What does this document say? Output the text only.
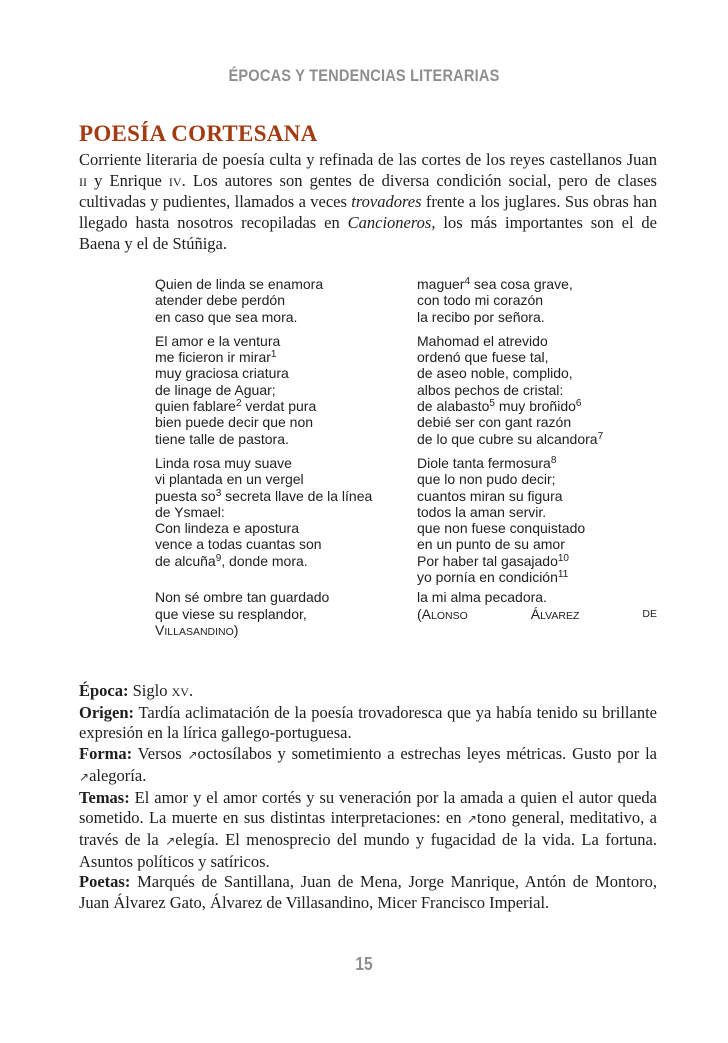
ÉPOCAS Y TENDENCIAS LITERARIAS
POESÍA CORTESANA
Corriente literaria de poesía culta y refinada de las cortes de los reyes castellanos Juan II y Enrique IV. Los autores son gentes de diversa condición social, pero de clases cultivadas y pudientes, llamados a veces trovadores frente a los juglares. Sus obras han llegado hasta nosotros recopiladas en Cancioneros, los más importantes son el de Baena y el de Stúñiga.
Quien de linda se enamora
atender debe perdón
en caso que sea mora.
maguer$^4$ sea cosa grave,
con todo mi corazón
la recibo por señora.
El amor e la ventura
me ficieron ir mirar$^1$
muy graciosa criatura
de linage de Aguar;
quien fablare$^2$ verdat pura
bien puede decir que non
tiene talle de pastora.
Mahomad el atrevido
ordenó que fuese tal,
de aseo noble, complido,
albos pechos de cristal:
de alabasto$^5$ muy broñido$^6$
debié ser con gant razón
de lo que cubre su alcandora$^7$
Linda rosa muy suave
vi plantada en un vergel
puesta $so^3$ secreta llave de la línea
de Ysmael:
Con lindeza e apostura
vence a todas cuantas son
de alcuña$^9$, donde mora.

Non sé ombre tan guardado
que viese su resplandor,
VILLASANDINO)
Diole tanta fermosura$^8$
que lo non pudo decir;
cuantos miran su figura
todos la aman servir.
que non fuese conquistado
en un punto de su amor
Por haber tal gasajado$^{10}$
yo pornía en condición$^{11}$
la mi alma pecadora.
(ALONSO	ÁLVAREZ	DE

Época: Siglo XV.

Origen: Tardía aclimatación de la poesía trovadoresca que ya había tenido su brillante expresión en la lírica gallego-portuguesa.

Forma: Versos ↗octosílabos y sometimiento a estrechas leyes métricas. Gusto por la ↗alegoría.

Temas: El amor y el amor cortés y su veneración por la amada a quien el autor queda sometido. La muerte en sus distintas interpretaciones: en ↗tono general, meditativo, a través de la ↗elegía. El menosprecio del mundo y fugacidad de la vida. La fortuna. Asuntos políticos y satíricos.

Poetas: Marqués de Santillana, Juan de Mena, Jorge Manrique, Antón de Montoro, Juan Álvarez Gato, Álvarez de Villasandino, Micer Francisco Imperial.

15
